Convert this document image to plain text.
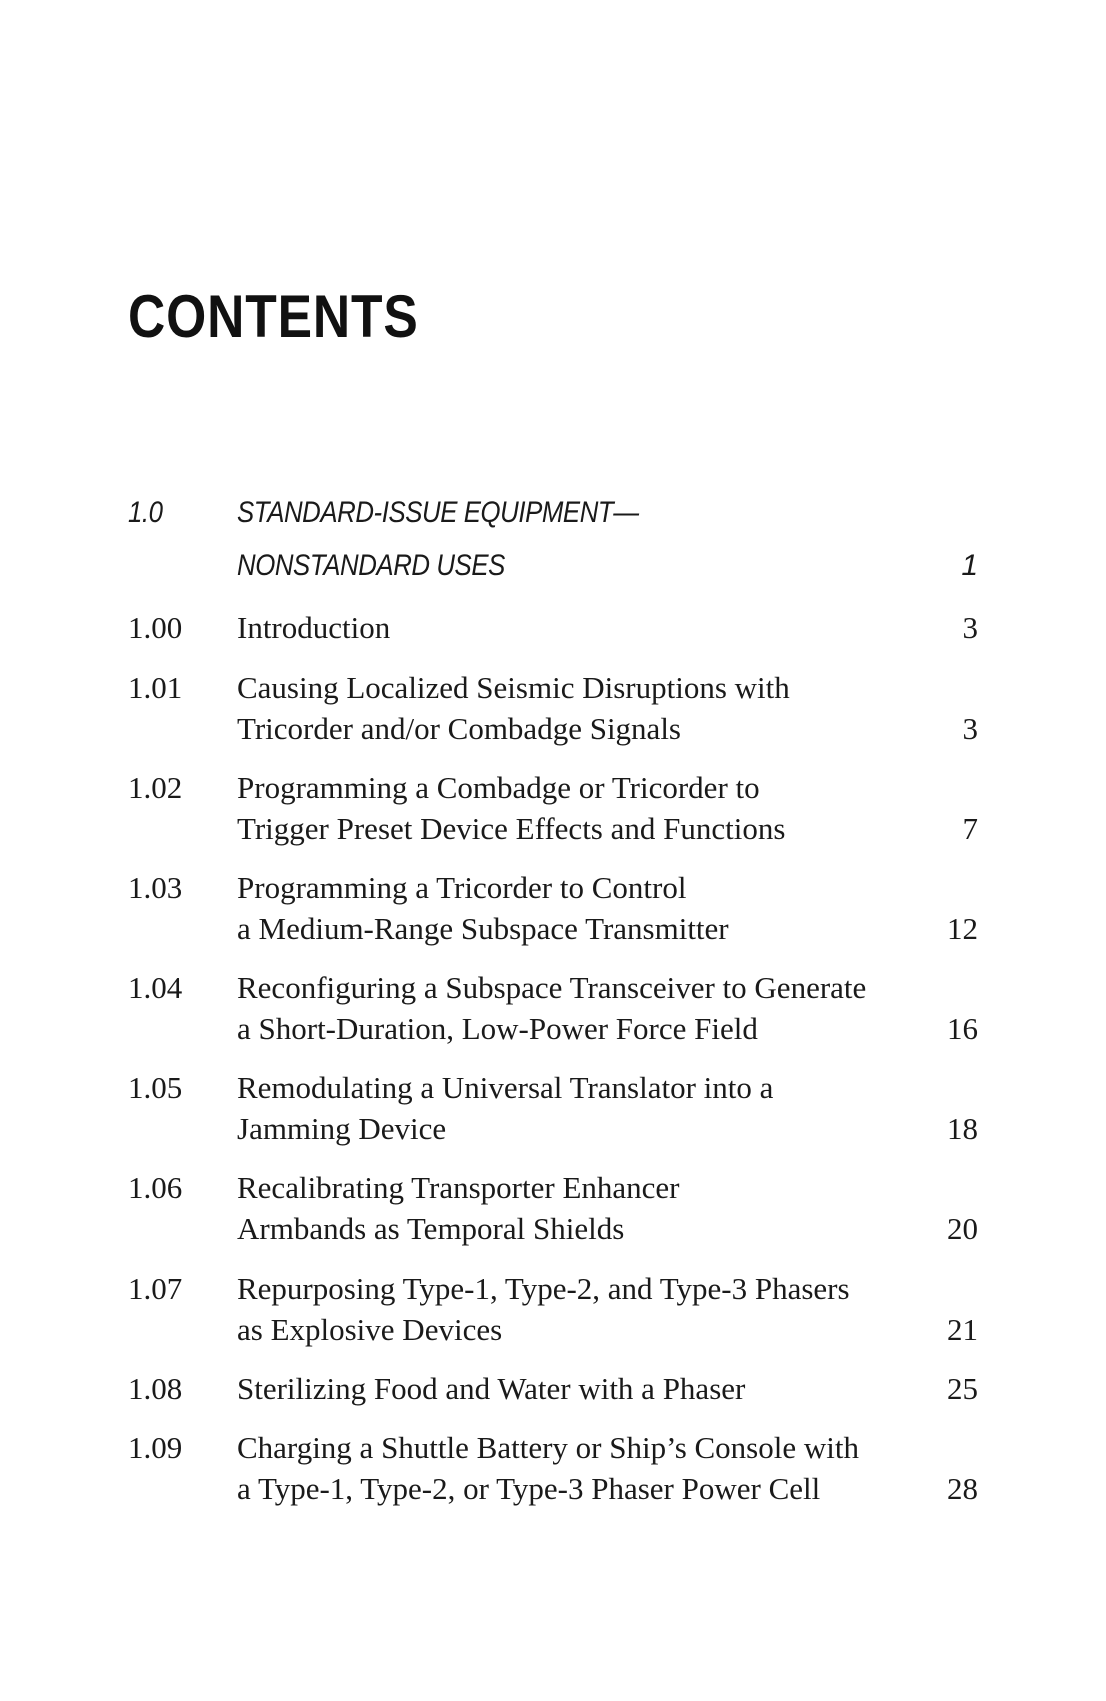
CONTENTS
1.0 STANDARD-ISSUE EQUIPMENT—
NONSTANDARD USES	1
1.00 Introduction	3
1.01 Causing Localized Seismic Disruptions with
Tricorder and/or Combadge Signals	3
1.02 Programming a Combadge or Tricorder to
Trigger Preset Device Effects and Functions	7
1.03 Programming a Tricorder to Control
a Medium-Range Subspace Transmitter	12
1.04 Reconfiguring a Subspace Transceiver to Generate
a Short-Duration, Low-Power Force Field	16
1.05 Remodulating a Universal Translator into a
Jamming Device	18
1.06 Recalibrating Transporter Enhancer
Armbands as Temporal Shields	20
1.07 Repurposing Type-1, Type-2, and Type-3 Phasers
as Explosive Devices	21
1.08 Sterilizing Food and Water with a Phaser	25
1.09 Charging a Shuttle Battery or Ship’s Console with
a Type-1, Type-2, or Type-3 Phaser Power Cell	28
